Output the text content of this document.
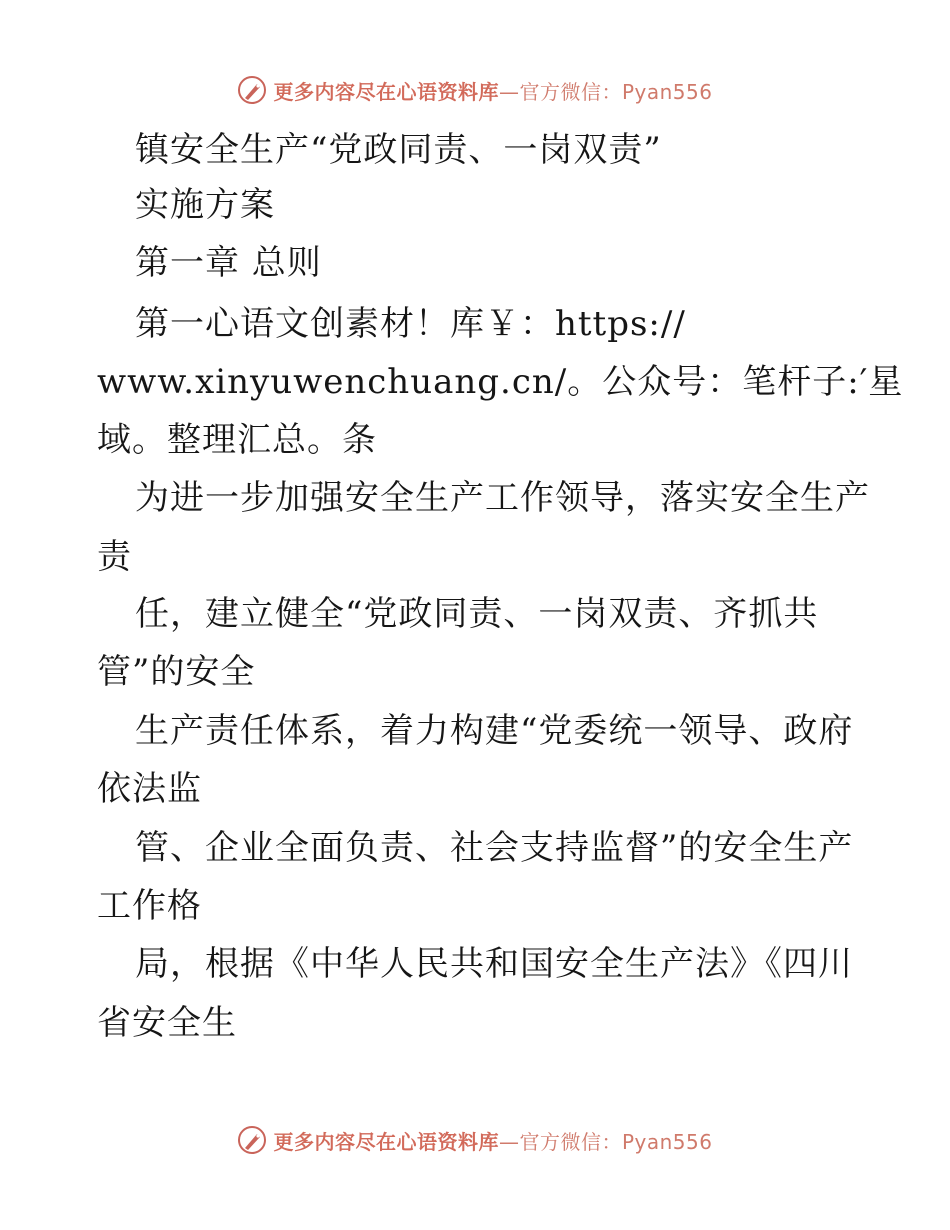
更多内容尽在心语资料库—官方微信：Pyan556
镇安全生产“党政同责、一岗双责”
实施方案
第一章 总则
第一心语文创素材！库￥：https://
www.xinyuwenchuang.cn/。公众号：笔杆子:′星
域。整理汇总。条
为进一步加强安全生产工作领导，落实安全生产
责
任，建立健全“党政同责、一岗双责、齐抓共
管”的安全
生产责任体系，着力构建“党委统一领导、政府
依法监
管、企业全面负责、社会支持监督”的安全生产
工作格
局，根据《中华人民共和国安全生产法》《四川
省安全生
更多内容尽在心语资料库—官方微信：Pyan556
